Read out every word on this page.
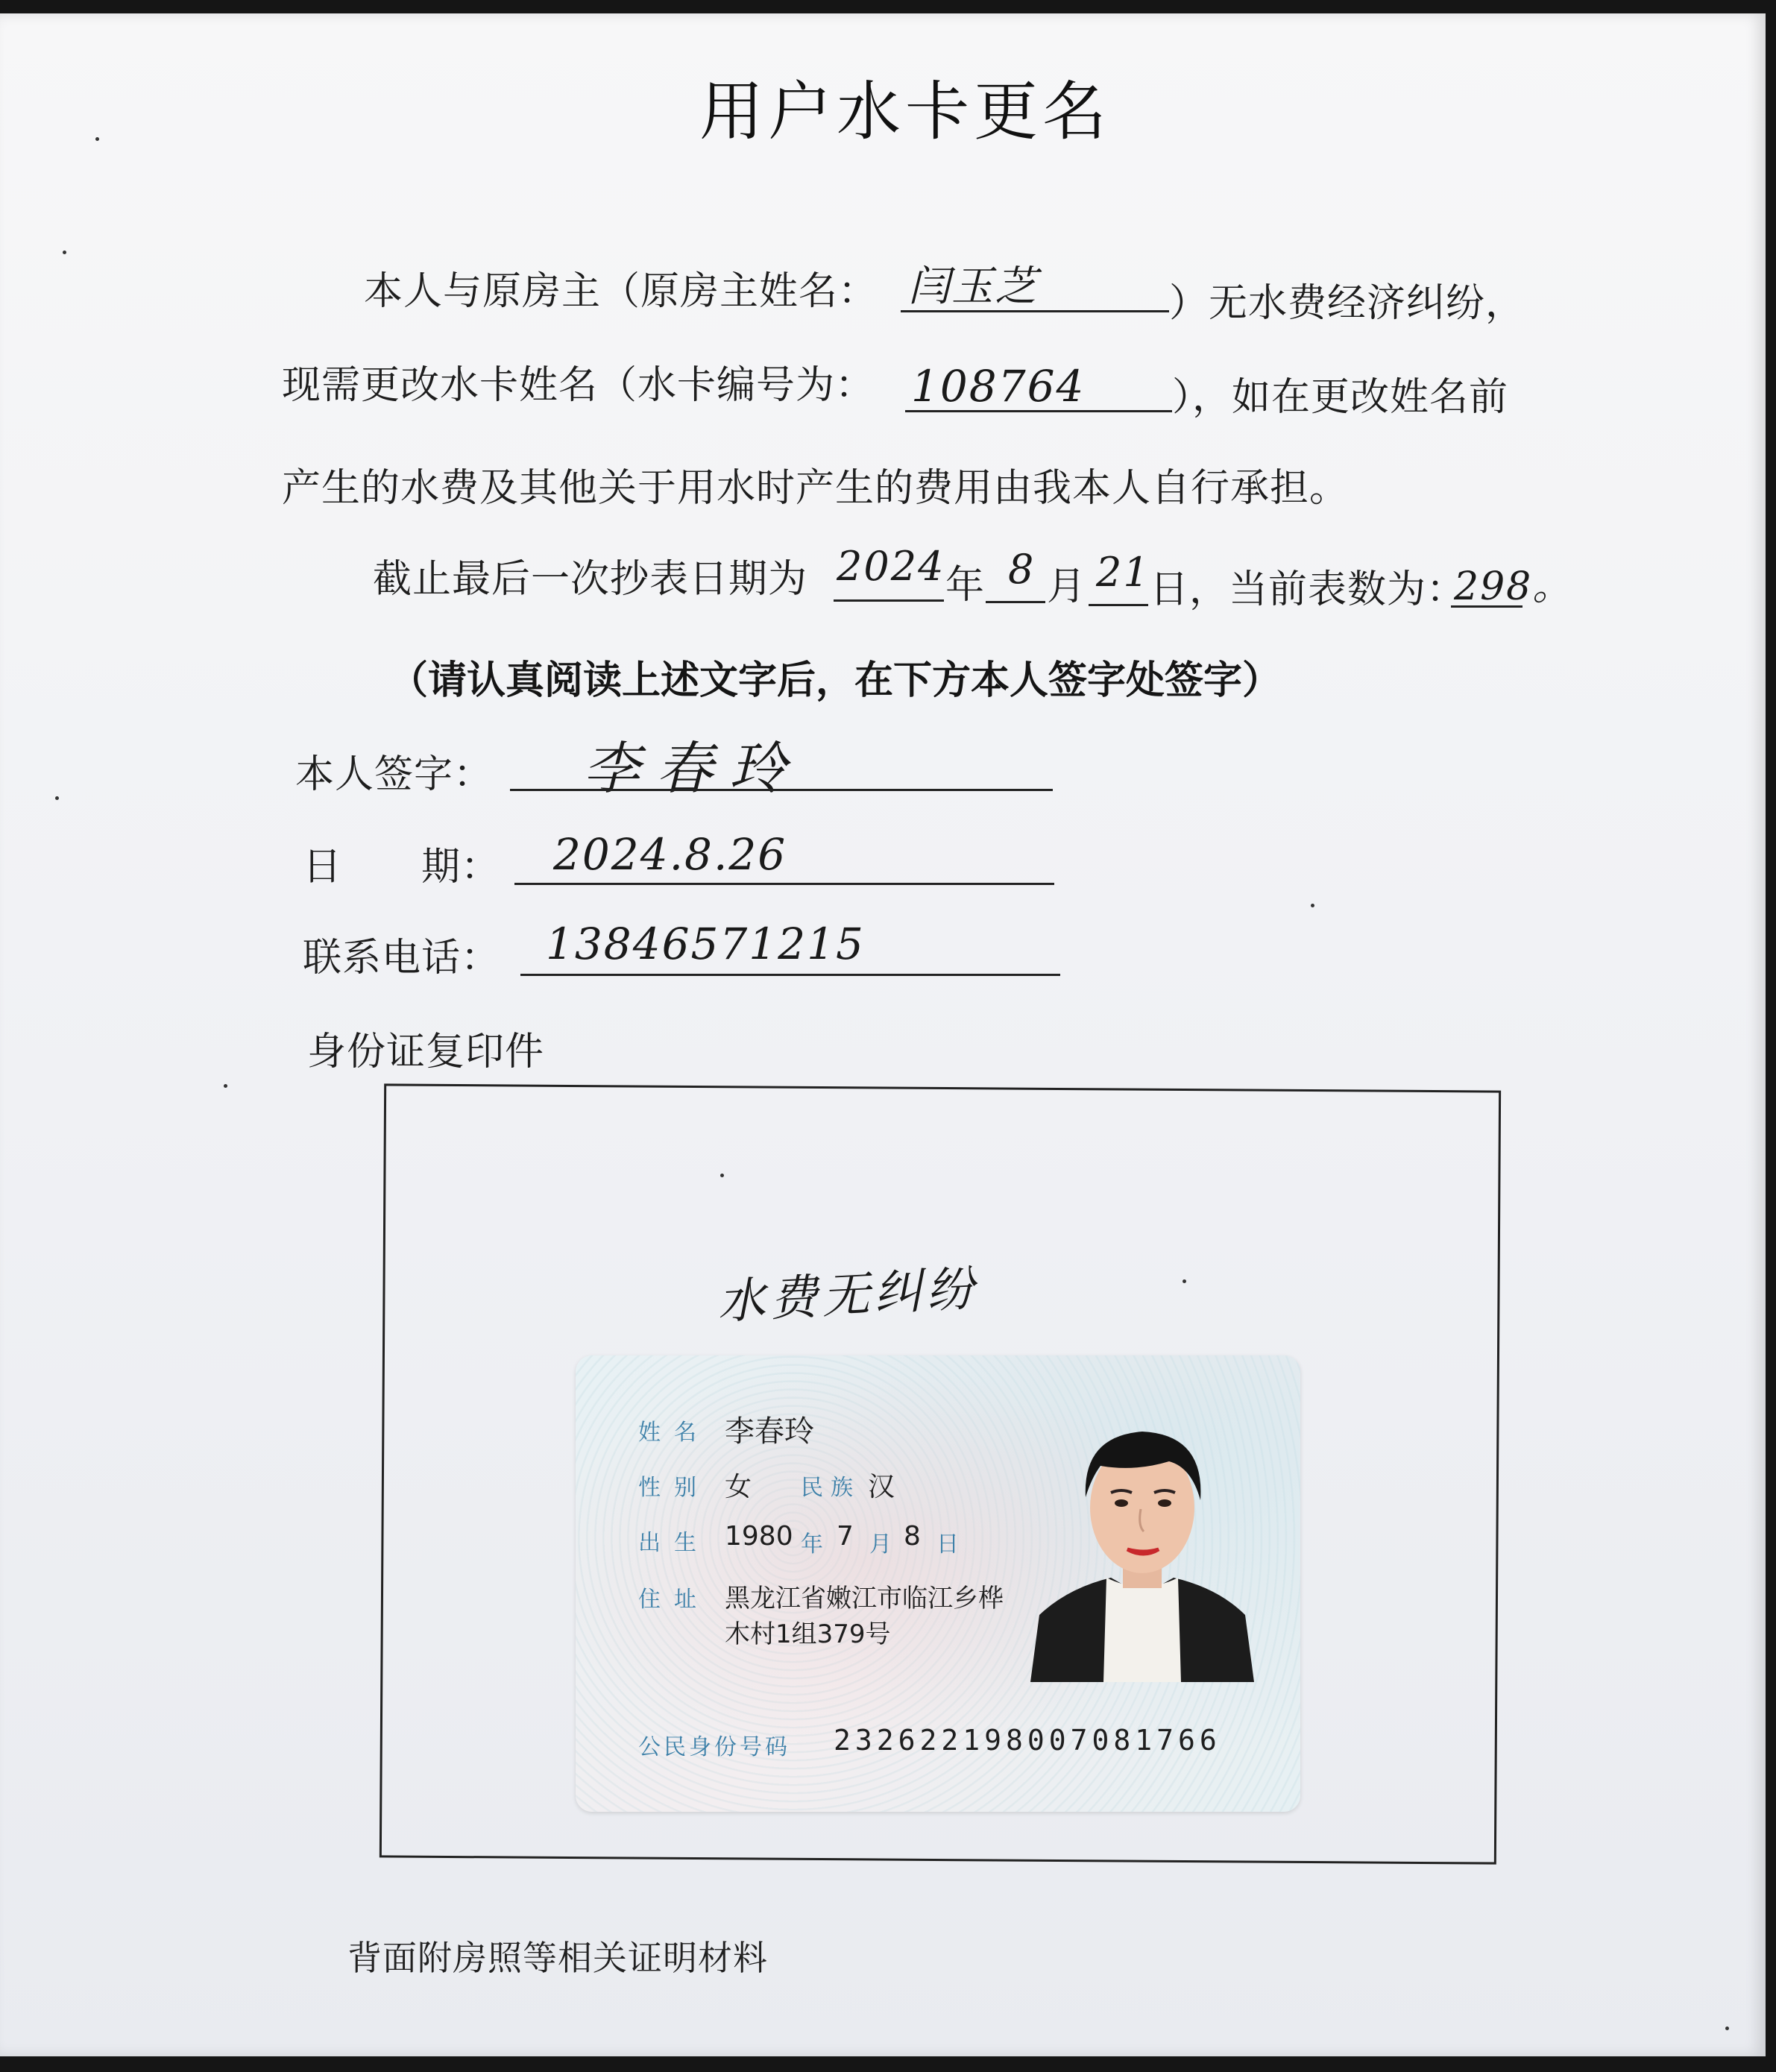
用户水卡更名
本人与原房主（原房主姓名： 闫玉芝	）无水费经济纠纷，
现需更改水卡姓名（水卡编号为： 108764 ），如在更改姓名前
产生的水费及其他关于用水时产生的费用由我本人自行承担。
截止最后一次抄表日期为 2024 年 8 月 21 日，当前表数为：
298。
（请认真阅读上述文字后，在下方本人签字处签字）
本人签字： 李春玲
日　　期： 2024.8.26
联系电话： 13846571215
身份证复印件
水费无纠纷
姓名 李春玲
性别 女 民族 汉
出生 1980 年 7 月 8 日
住址 黑龙江省嫩江市临江乡桦
木村1组379号
公民身份号码 232622198007081766
背面附房照等相关证明材料
